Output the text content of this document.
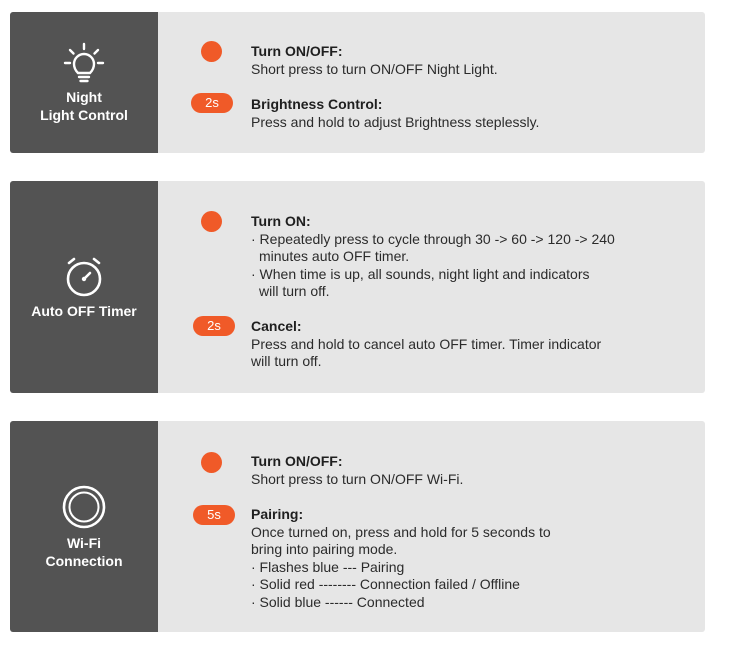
Night
Light Control
Turn ON/OFF:
Short press to turn ON/OFF Night Light.
2s	Brightness Control:
Press and hold to adjust Brightness steplessly.
Auto OFF Timer
Turn ON:
· Repeatedly press to cycle through 30 -> 60 -> 120 -> 240
minutes auto OFF timer.
· When time is up, all sounds, night light and indicators
will turn off.
2s	Cancel:
Press and hold to cancel auto OFF timer. Timer indicator
will turn off.
Wi-Fi
Connection
Turn ON/OFF:
Short press to turn ON/OFF Wi-Fi.
5s	Pairing:
Once turned on, press and hold for 5 seconds to
bring into pairing mode.
· Flashes blue --- Pairing
· Solid red -------- Connection failed / Offline
· Solid blue ------ Connected
